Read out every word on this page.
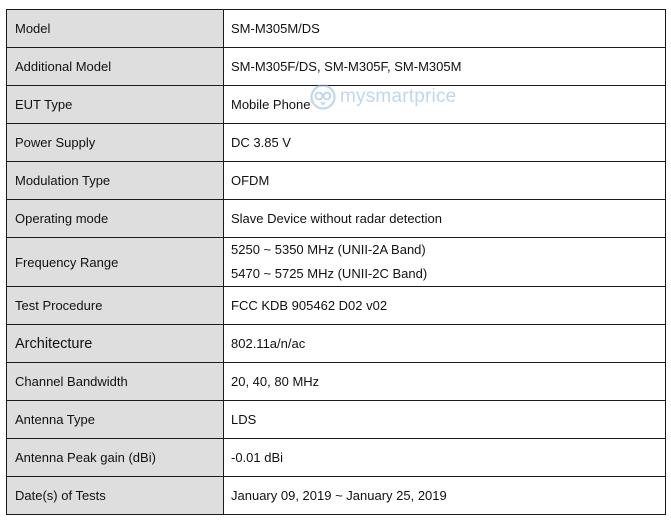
Model	SM-M305M/DS
Additional Model	SM-M305F/DS, SM-M305F, SM-M305M
EUT Type	Mobile Phone
Power Supply	DC 3.85 V
Modulation Type	OFDM
Operating mode	Slave Device without radar detection
Frequency Range	5250 ~ 5350 MHz (UNII-2A Band)
5470 ~ 5725 MHz (UNII-2C Band)

Test Procedure	FCC KDB 905462 D02 v02
Architecture	802.11a/n/ac
Channel Bandwidth	20, 40, 80 MHz
Antenna Type	LDS
Antenna Peak gain (dBi)	-0.01 dBi
Date(s) of Tests	January 09, 2019 ~ January 25, 2019
mysmartprice
